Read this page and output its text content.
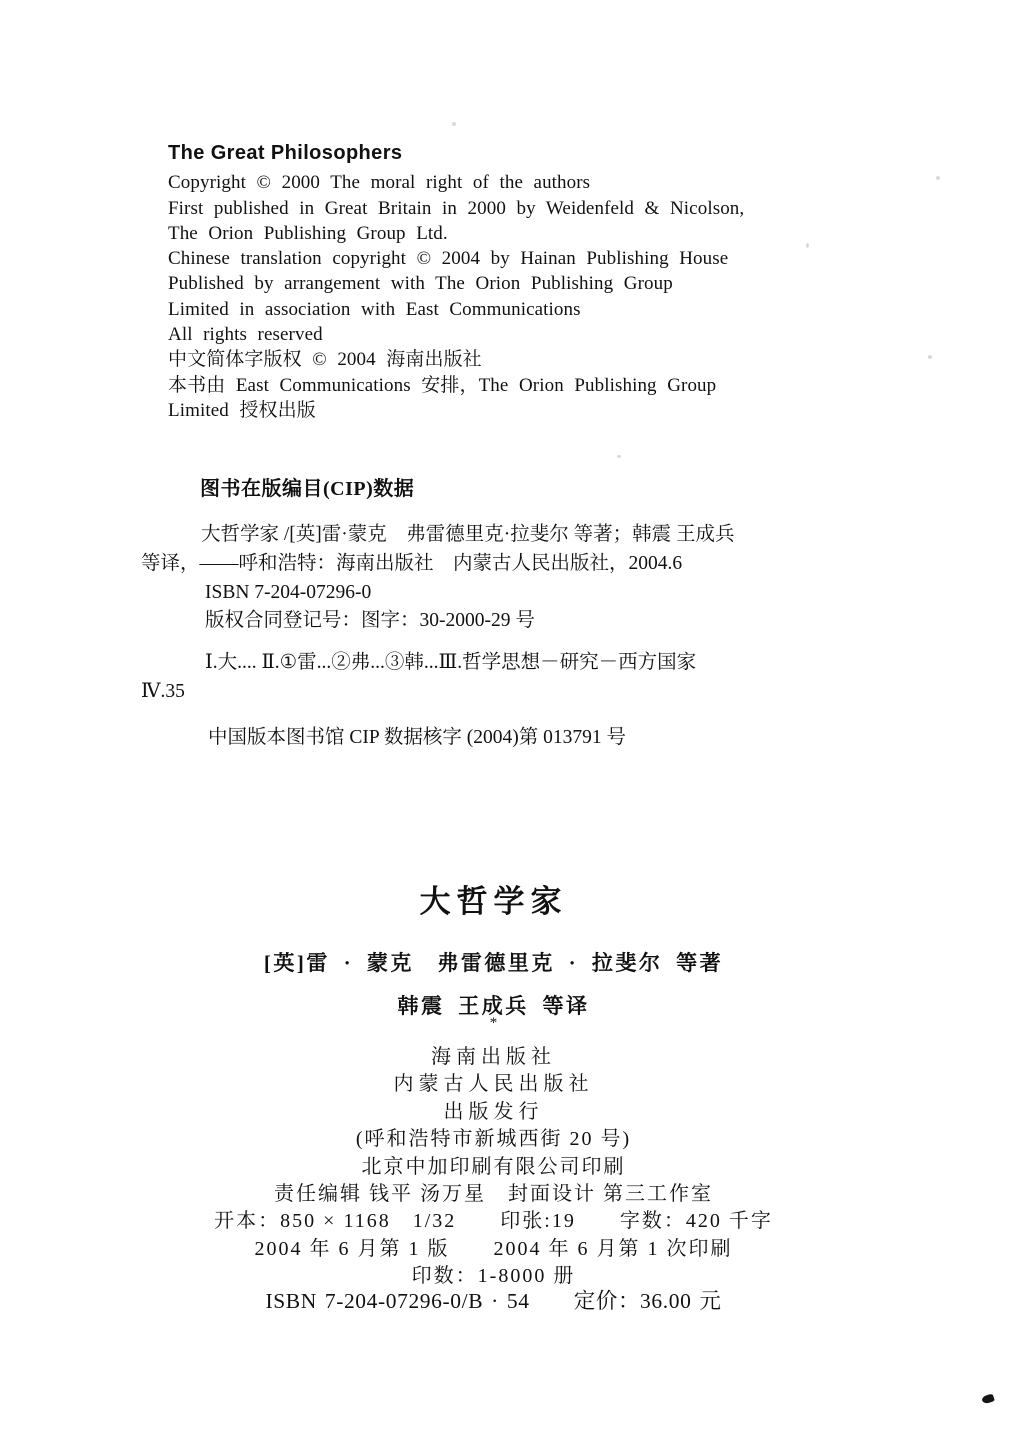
The Great Philosophers
Copyright © 2000 The moral right of the authors
First published in Great Britain in 2000 by Weidenfeld & Nicolson,
The Orion Publishing Group Ltd.
Chinese translation copyright © 2004 by Hainan Publishing House
Published by arrangement with The Orion Publishing Group
Limited in association with East Communications
All rights reserved
中文简体字版权 © 2004 海南出版社
本书由 East Communications 安排，The Orion Publishing Group
Limited 授权出版
图书在版编目(CIP)数据
大哲学家 /[英]雷·蒙克　弗雷德里克·拉斐尔 等著；韩震 王成兵
等译，——呼和浩特：海南出版社　内蒙古人民出版社，2004.6
ISBN 7-204-07296-0
版权合同登记号：图字：30-2000-29 号
Ⅰ.大.... Ⅱ.①雷...②弗...③韩...Ⅲ.哲学思想－研究－西方国家
Ⅳ.35
中国版本图书馆 CIP 数据核字 (2004)第 013791 号
大哲学家
[英]雷 · 蒙克　弗雷德里克 · 拉斐尔 等著
韩震 王成兵 等译
*
海南出版社
内蒙古人民出版社
出版发行
(呼和浩特市新城西街 20 号)
北京中加印刷有限公司印刷
责任编辑 钱平 汤万星　封面设计 第三工作室
开本：850 × 1168　1/32　　印张:19　　字数：420 千字
2004 年 6 月第 1 版　　2004 年 6 月第 1 次印刷
印数：1-8000 册
ISBN 7-204-07296-0/B · 54　　定价：36.00 元
